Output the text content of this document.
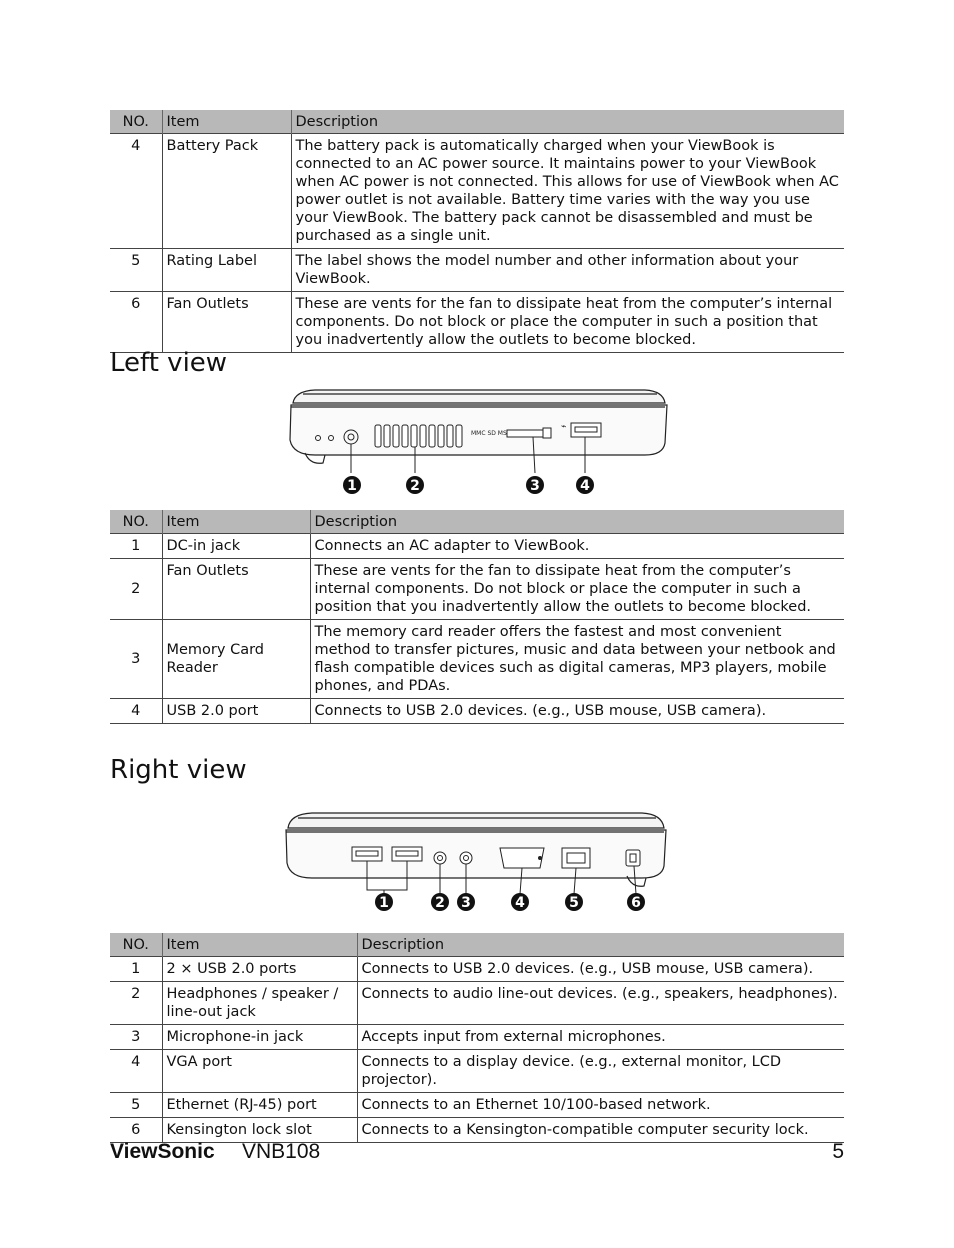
NO.	Item	Description
4	Battery Pack	The battery pack is automatically charged when your ViewBook is connected to an AC power source. It maintains power to your ViewBook when AC power is not connected. This allows for use of ViewBook when AC power outlet is not available. Battery time varies with the way you use your ViewBook. The battery pack cannot be disassembled and must be purchased as a single unit.
5	Rating Label	The label shows the model number and other information about your ViewBook.
6	Fan Outlets	These are vents for the fan to dissipate heat from the computer’s internal components. Do not block or place the computer in such a position that you inadvertently allow the outlets to become blocked.
Left view
MMC SD MS
⌁
1	2	3	4
NO.	Item	Description
1	DC-in jack	Connects an AC adapter to ViewBook.
2	Fan Outlets	These are vents for the fan to dissipate heat from the computer’s internal components. Do not block or place the computer in such a position that you inadvertently allow the outlets to become blocked.
3	Memory Card Reader	The memory card reader offers the fastest and most convenient method to transfer pictures, music and data between your netbook and flash compatible devices such as digital cameras, MP3 players, mobile phones, and PDAs.
4	USB 2.0 port	Connects to USB 2.0 devices. (e.g., USB mouse, USB camera).
Right view
1	2 3	4	5	6
NO.	Item	Description
1	2 × USB 2.0 ports	Connects to USB 2.0 devices. (e.g., USB mouse, USB camera).
2	Headphones / speaker / line-out jack	Connects to audio line-out devices. (e.g., speakers, headphones).
3	Microphone-in jack	Accepts input from external microphones.
4	VGA port	Connects to a display device. (e.g., external monitor, LCD projector).
5	Ethernet (RJ-45) port	Connects to an Ethernet 10/100-based network.
6	Kensington lock slot	Connects to a Kensington-compatible computer security lock.
ViewSonic VNB108	5
